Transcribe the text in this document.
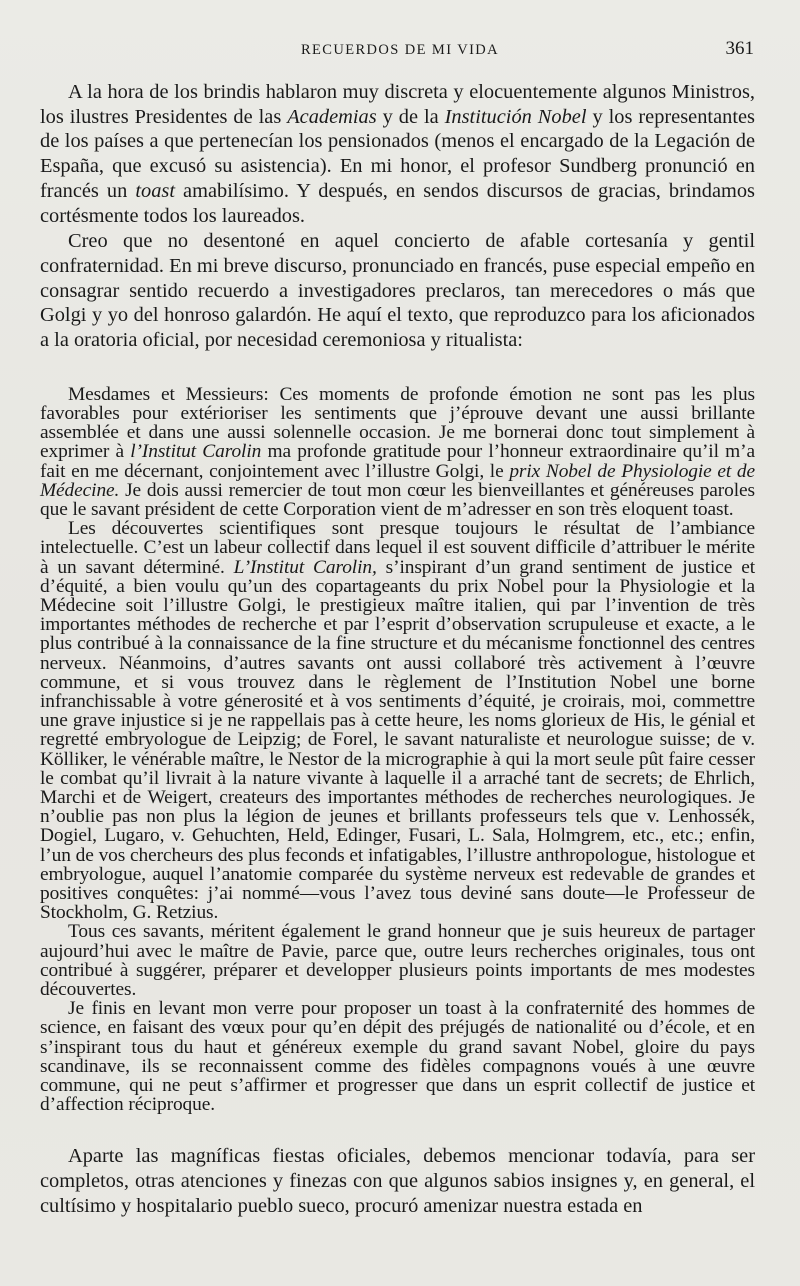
RECUERDOS DE MI VIDA	361

A la hora de los brindis hablaron muy discreta y elocuentemente algunos Ministros, los ilustres Presidentes de las Academias y de la Institución Nobel y los representantes de los países a que pertenecían los pensionados (menos el encargado de la Legación de España, que excusó su asistencia). En mi honor, el profesor Sundberg pronunció en francés un toast amabilísimo. Y después, en sendos discursos de gracias, brindamos cortésmente todos los laureados.

Creo que no desentoné en aquel concierto de afable cortesanía y gentil confraternidad. En mi breve discurso, pronunciado en francés, puse especial empeño en consagrar sentido recuerdo a investigadores preclaros, tan merecedores o más que Golgi y yo del honroso galardón. He aquí el texto, que reproduzco para los aficionados a la oratoria oficial, por necesidad ceremoniosa y ritualista:

Mesdames et Messieurs: Ces moments de profonde émotion ne sont pas les plus favorables pour extérioriser les sentiments que j’éprouve devant une aussi brillante assemblée et dans une aussi solennelle occasion. Je me bornerai donc tout simplement à exprimer à l’Institut Carolin ma profonde gratitude pour l’honneur extraordinaire qu’il m’a fait en me décernant, conjointement avec l’illustre Golgi, le prix Nobel de Physiologie et de Médecine. Je dois aussi remercier de tout mon cœur les bienveillantes et généreuses paroles que le savant président de cette Corporation vient de m’adresser en son très eloquent toast.

Les découvertes scientifiques sont presque toujours le résultat de l’ambiance intelectuelle. C’est un labeur collectif dans lequel il est souvent difficile d’attribuer le mérite à un savant déterminé. L’Institut Carolin, s’inspirant d’un grand sentiment de justice et d’équité, a bien voulu qu’un des copartageants du prix Nobel pour la Physiologie et la Médecine soit l’illustre Golgi, le prestigieux maître italien, qui par l’invention de très importantes méthodes de recherche et par l’esprit d’observation scrupuleuse et exacte, a le plus contribué à la connaissance de la fine structure et du mécanisme fonctionnel des centres nerveux. Néanmoins, d’autres savants ont aussi collaboré très activement à l’œuvre commune, et si vous trouvez dans le règlement de l’Institution Nobel une borne infranchissable à votre génerosité et à vos sentiments d’équité, je croirais, moi, commettre une grave injustice si je ne rappellais pas à cette heure, les noms glorieux de His, le génial et regretté embryologue de Leipzig; de Forel, le savant naturaliste et neurologue suisse; de v. Kölliker, le vénérable maître, le Nestor de la micrographie à qui la mort seule pût faire cesser le combat qu’il livrait à la nature vivante à laquelle il a arraché tant de secrets; de Ehrlich, Marchi et de Weigert, createurs des importantes méthodes de recherches neurologiques. Je n’oublie pas non plus la légion de jeunes et brillants professeurs tels que v. Lenhossék, Dogiel, Lugaro, v. Gehuchten, Held, Edinger, Fusari, L. Sala, Holmgrem, etc., etc.; enfin, l’un de vos chercheurs des plus feconds et infatigables, l’illustre anthropologue, histologue et embryologue, auquel l’anatomie comparée du système nerveux est redevable de grandes et positives conquêtes: j’ai nommé—vous l’avez tous deviné sans doute—le Professeur de Stockholm, G. Retzius.

Tous ces savants, méritent également le grand honneur que je suis heureux de partager aujourd’hui avec le maître de Pavie, parce que, outre leurs recherches originales, tous ont contribué à suggérer, préparer et developper plusieurs points importants de mes modestes découvertes.

Je finis en levant mon verre pour proposer un toast à la confraternité des hommes de science, en faisant des vœux pour qu’en dépit des préjugés de nationalité ou d’école, et en s’inspirant tous du haut et généreux exemple du grand savant Nobel, gloire du pays scandinave, ils se reconnaissent comme des fidèles compagnons voués à une œuvre commune, qui ne peut s’affirmer et progresser que dans un esprit collectif de justice et d’affection réciproque.

Aparte las magníficas fiestas oficiales, debemos mencionar todavía, para ser completos, otras atenciones y finezas con que algunos sabios insignes y, en general, el cultísimo y hospitalario pueblo sueco, procuró amenizar nuestra estada en
